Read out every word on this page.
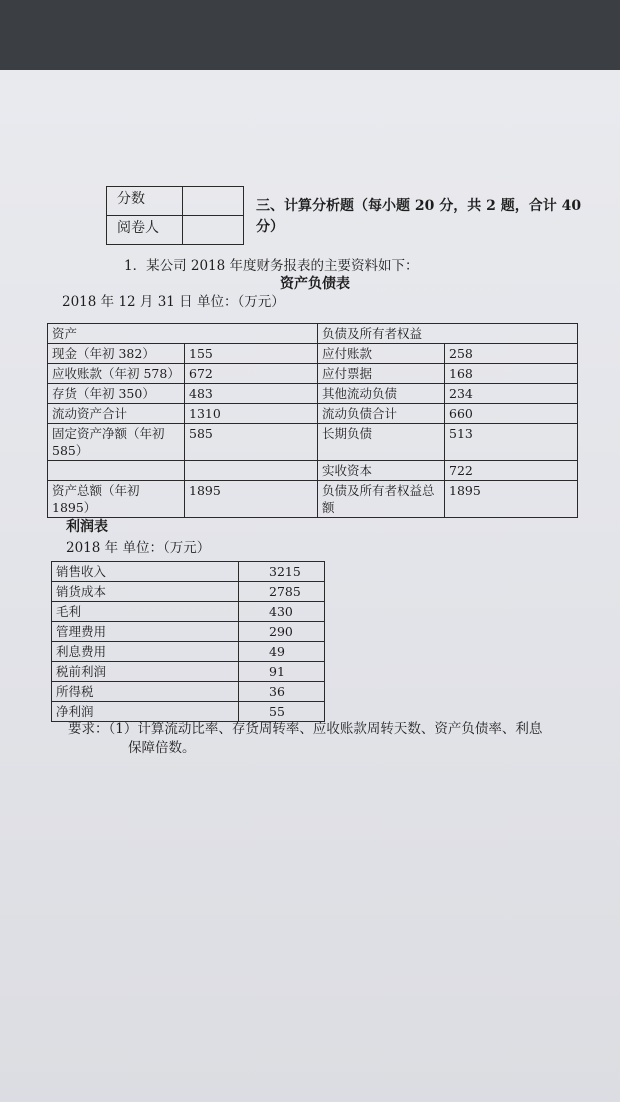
分数	
阅卷人	
三、计算分析题（每小题 20 分，共 2 题，合计 40
分）
1．某公司 2018 年度财务报表的主要资料如下：
资产负债表
2018 年 12 月 31 日 单位：（万元）
资产		负债及所有者权益	
现金（年初 382）	155	应付账款	258
应收账款（年初 578）	672	应付票据	168
存货（年初 350）	483	其他流动负债	234
流动资产合计	1310	流动负债合计	660
固定资产净额（年初 585）	585	长期负债	513
		实收资本	722
资产总额（年初 1895）	1895	负债及所有者权益总额	1895
利润表
2018 年 单位：（万元）
销售收入	3215
销货成本	2785
毛利	430
管理费用	290
利息费用	49
税前利润	91
所得税	36
净利润	55
要求：（1）计算流动比率、存货周转率、应收账款周转天数、资产负债率、利息
保障倍数。
